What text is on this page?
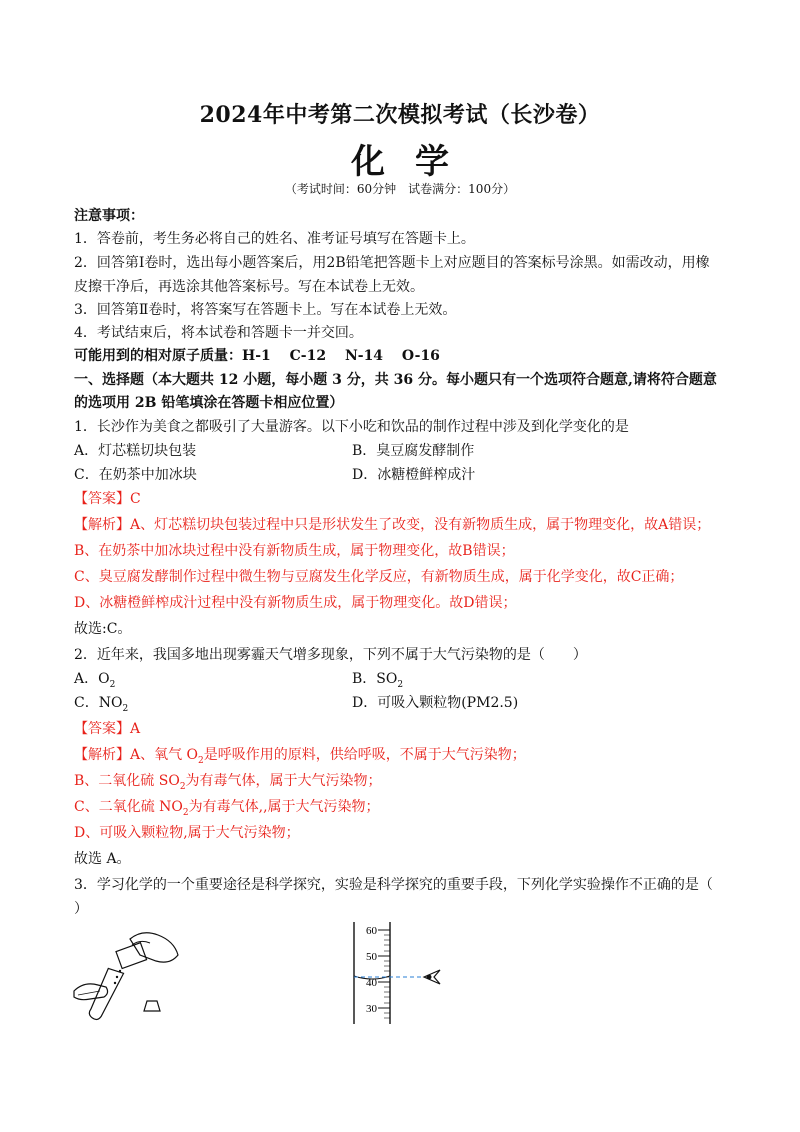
2024年中考第二次模拟考试（长沙卷）
化学
（考试时间：60分钟　试卷满分：100分）
注意事项：
1．答卷前，考生务必将自己的姓名、准考证号填写在答题卡上。
2．回答第Ⅰ卷时，选出每小题答案后，用2B铅笔把答题卡上对应题目的答案标号涂黑。如需改动，用橡
皮擦干净后，再选涂其他答案标号。写在本试卷上无效。
3．回答第Ⅱ卷时，将答案写在答题卡上。写在本试卷上无效。
4．考试结束后，将本试卷和答题卡一并交回。
可能用到的相对原子质量：H-1　 C-12　 N-14　 O-16
一、选择题（本大题共 12 小题，每小题 3 分，共 36 分。每小题只有一个选项符合题意,请将符合题意
的选项用 2B 铅笔填涂在答题卡相应位置）
1．长沙作为美食之都吸引了大量游客。以下小吃和饮品的制作过程中涉及到化学变化的是
A．灯芯糕切块包装	B．臭豆腐发酵制作
C．在奶茶中加冰块	D．冰糖橙鲜榨成汁
【答案】C
【解析】A、灯芯糕切块包装过程中只是形状发生了改变，没有新物质生成，属于物理变化，故A错误；
B、在奶茶中加冰块过程中没有新物质生成，属于物理变化，故B错误；
C、臭豆腐发酵制作过程中微生物与豆腐发生化学反应，有新物质生成，属于化学变化，故C正确；
D、冰糖橙鲜榨成汁过程中没有新物质生成，属于物理变化。故D错误；
故选:C。
2．近年来，我国多地出现雾霾天气增多现象，下列不属于大气污染物的是（　　）
A．$O_2$	B．$SO_2$
C．$NO_2$	D．可吸入颗粒物(PM2.5)
【答案】A
【解析】A、氧气 $O_2$是呼吸作用的原料，供给呼吸，不属于大气污染物；
B、二氧化硫 $SO_2$为有毒气体，属于大气污染物；
C、二氧化硫 $NO_2$为有毒气体,,属于大气污染物；
D、可吸入颗粒物,属于大气污染物；
故选 A。
3．学习化学的一个重要途径是科学探究，实验是科学探究的重要手段，下列化学实验操作不正确的是（
）
60
50
40
30
